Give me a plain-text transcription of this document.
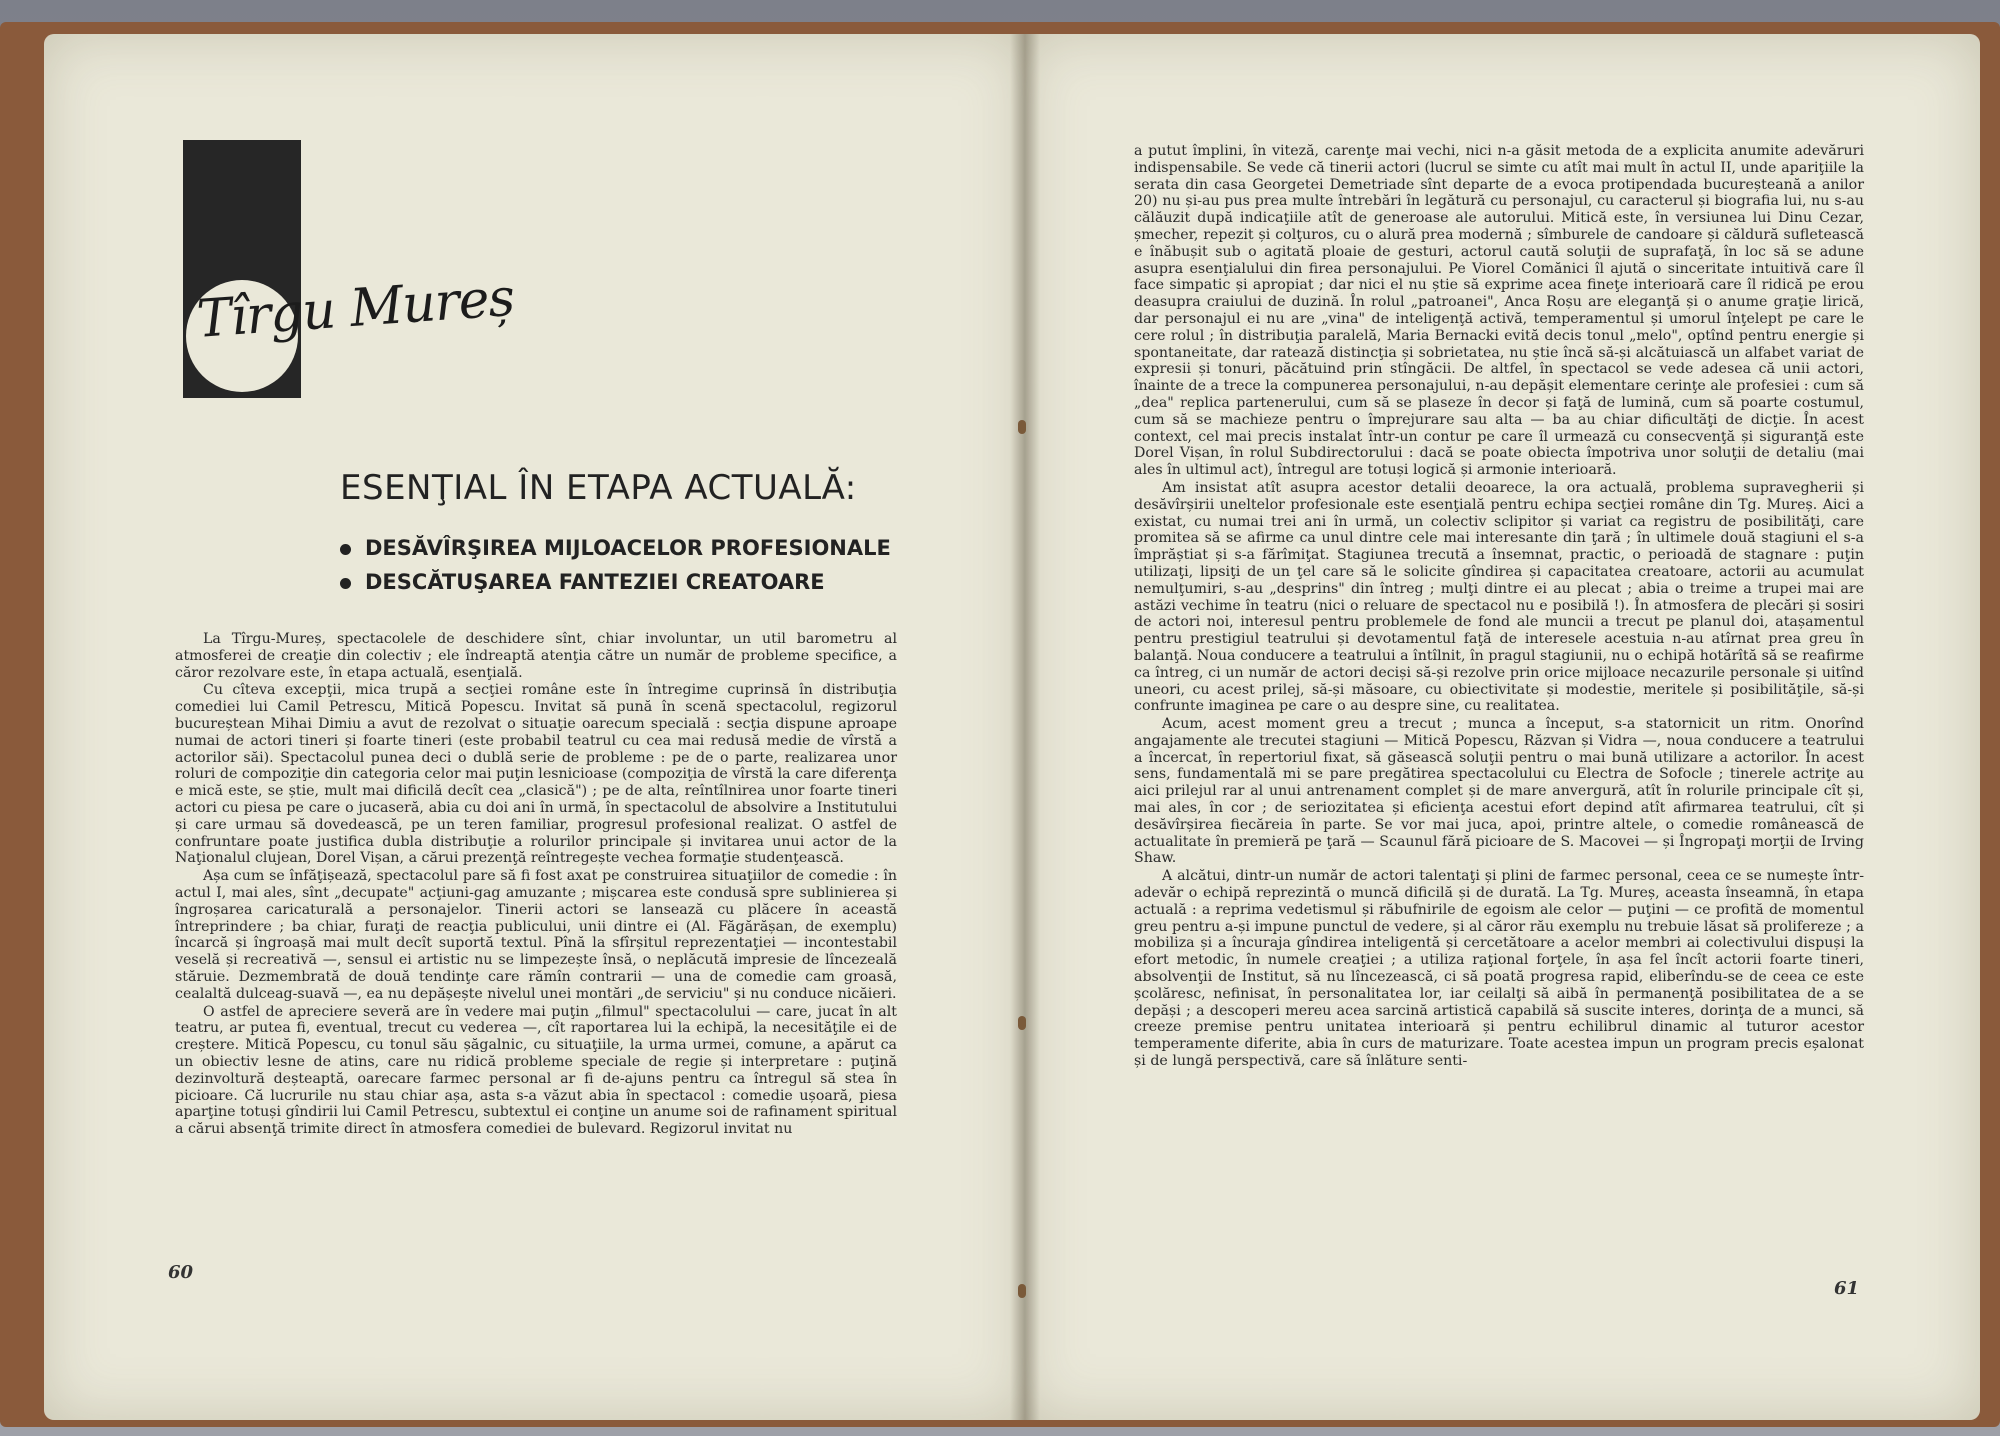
Tîrgu Mureș
ESENŢIAL ÎN ETAPA ACTUALĂ:
DESĂVÎRŞIREA MIJLOACELOR PROFESIONALE
DESCĂTUŞAREA FANTEZIEI CREATOARE

La Tîrgu-Mureș, spectacolele de deschidere sînt, chiar involuntar, un util barometru al atmosferei de creaţie din colectiv ; ele îndreaptă atenţia către un număr de probleme specifice, a căror rezolvare este, în etapa actuală, esenţială.

Cu cîteva excepţii, mica trupă a secţiei române este în întregime cuprinsă în distribuţia comediei lui Camil Petrescu, Mitică Popescu. Invitat să pună în scenă spectacolul, regizorul bucureștean Mihai Dimiu a avut de rezolvat o situaţie oarecum specială : secţia dispune aproape numai de actori tineri și foarte tineri (este probabil teatrul cu cea mai redusă medie de vîrstă a actorilor săi). Spectacolul punea deci o dublă serie de probleme : pe de o parte, realizarea unor roluri de compoziţie din categoria celor mai puţin lesnicioase (compoziţia de vîrstă la care diferenţa e mică este, se știe, mult mai dificilă decît cea „clasică") ; pe de alta, reîntîlnirea unor foarte tineri actori cu piesa pe care o jucaseră, abia cu doi ani în urmă, în spectacolul de absolvire a Institutului și care urmau să dovedească, pe un teren familiar, progresul profesional realizat. O astfel de confruntare poate justifica dubla distribuţie a rolurilor principale și invitarea unui actor de la Naţionalul clujean, Dorel Vișan, a cărui prezenţă reîntregește vechea formaţie studenţească.

Așa cum se înfăţișează, spectacolul pare să fi fost axat pe construirea situaţiilor de comedie : în actul I, mai ales, sînt „decupate" acţiuni-gag amuzante ; mișcarea este condusă spre sublinierea și îngroșarea caricaturală a personajelor. Tinerii actori se lansează cu plăcere în această întreprindere ; ba chiar, furaţi de reacţia publicului, unii dintre ei (Al. Făgărășan, de exemplu) încarcă și îngroașă mai mult decît suportă textul. Pînă la sfîrșitul reprezentaţiei — incontestabil veselă și recreativă —, sensul ei artistic nu se limpezește însă, o neplăcută impresie de lîncezeală stăruie. Dezmembrată de două tendinţe care rămîn contrarii — una de comedie cam groasă, cealaltă dulceag-suavă —, ea nu depășește nivelul unei montări „de serviciu" și nu conduce nicăieri.

O astfel de apreciere severă are în vedere mai puţin „filmul" spectacolului — care, jucat în alt teatru, ar putea fi, eventual, trecut cu vederea —, cît raportarea lui la echipă, la necesităţile ei de creștere. Mitică Popescu, cu tonul său șăgalnic, cu situaţiile, la urma urmei, comune, a apărut ca un obiectiv lesne de atins, care nu ridică probleme speciale de regie și interpretare : puţină dezinvoltură deșteaptă, oarecare farmec personal ar fi de-ajuns pentru ca întregul să stea în picioare. Că lucrurile nu stau chiar așa, asta s-a văzut abia în spectacol : comedie ușoară, piesa aparţine totuși gîndirii lui Camil Petrescu, subtextul ei conţine un anume soi de rafinament spiritual a cărui absenţă trimite direct în atmosfera comediei de bulevard. Regizorul invitat nu

a putut împlini, în viteză, carenţe mai vechi, nici n-a găsit metoda de a explicita anumite adevăruri indispensabile. Se vede că tinerii actori (lucrul se simte cu atît mai mult în actul II, unde apariţiile la serata din casa Georgetei Demetriade sînt departe de a evoca protipendada bucureșteană a anilor 20) nu și-au pus prea multe întrebări în legătură cu personajul, cu caracterul și biografia lui, nu s-au călăuzit după indicaţiile atît de generoase ale autorului. Mitică este, în versiunea lui Dinu Cezar, șmecher, repezit și colţuros, cu o alură prea modernă ; sîmburele de candoare și căldură sufletească e înăbușit sub o agitată ploaie de gesturi, actorul caută soluţii de suprafaţă, în loc să se adune asupra esenţialului din firea personajului. Pe Viorel Comănici îl ajută o sinceritate intuitivă care îl face simpatic și apropiat ; dar nici el nu știe să exprime acea fineţe interioară care îl ridică pe erou deasupra craiului de duzină. În rolul „patroanei", Anca Roșu are eleganţă și o anume graţie lirică, dar personajul ei nu are „vina" de inteligenţă activă, temperamentul și umorul înţelept pe care le cere rolul ; în distribuţia paralelă, Maria Bernacki evită decis tonul „melo", optînd pentru energie și spontaneitate, dar ratează distincţia și sobrietatea, nu știe încă să-și alcătuiască un alfabet variat de expresii și tonuri, păcătuind prin stîngăcii. De altfel, în spectacol se vede adesea că unii actori, înainte de a trece la compunerea personajului, n-au depășit elementare cerinţe ale profesiei : cum să „dea" replica partenerului, cum să se plaseze în decor și faţă de lumină, cum să poarte costumul, cum să se machieze pentru o împrejurare sau alta — ba au chiar dificultăţi de dicţie. În acest context, cel mai precis instalat într-un contur pe care îl urmează cu consecvenţă și siguranţă este Dorel Vișan, în rolul Subdirectorului : dacă se poate obiecta împotriva unor soluţii de detaliu (mai ales în ultimul act), întregul are totuși logică și armonie interioară.

Am insistat atît asupra acestor detalii deoarece, la ora actuală, problema supravegherii și desăvîrșirii uneltelor profesionale este esenţială pentru echipa secţiei române din Tg. Mureș. Aici a existat, cu numai trei ani în urmă, un colectiv sclipitor și variat ca registru de posibilităţi, care promitea să se afirme ca unul dintre cele mai interesante din ţară ; în ultimele două stagiuni el s-a împrăștiat și s-a fărîmiţat. Stagiunea trecută a însemnat, practic, o perioadă de stagnare : puţin utilizaţi, lipsiţi de un ţel care să le solicite gîndirea și capacitatea creatoare, actorii au acumulat nemulţumiri, s-au „desprins" din întreg ; mulţi dintre ei au plecat ; abia o treime a trupei mai are astăzi vechime în teatru (nici o reluare de spectacol nu e posibilă !). În atmosfera de plecări și sosiri de actori noi, interesul pentru problemele de fond ale muncii a trecut pe planul doi, atașamentul pentru prestigiul teatrului și devotamentul faţă de interesele acestuia n-au atîrnat prea greu în balanţă. Noua conducere a teatrului a întîlnit, în pragul stagiunii, nu o echipă hotărîtă să se reafirme ca întreg, ci un număr de actori deciși să-și rezolve prin orice mijloace necazurile personale și uitînd uneori, cu acest prilej, să-și măsoare, cu obiectivitate și modestie, meritele și posibilităţile, să-și confrunte imaginea pe care o au despre sine, cu realitatea.

Acum, acest moment greu a trecut ; munca a început, s-a statornicit un ritm. Onorînd angajamente ale trecutei stagiuni — Mitică Popescu, Răzvan și Vidra —, noua conducere a teatrului a încercat, în repertoriul fixat, să găsească soluţii pentru o mai bună utilizare a actorilor. În acest sens, fundamentală mi se pare pregătirea spectacolului cu Electra de Sofocle ; tinerele actriţe au aici prilejul rar al unui antrenament complet și de mare anvergură, atît în rolurile principale cît și, mai ales, în cor ; de seriozitatea și eficienţa acestui efort depind atît afirmarea teatrului, cît și desăvîrșirea fiecăreia în parte. Se vor mai juca, apoi, printre altele, o comedie românească de actualitate în premieră pe ţară — Scaunul fără picioare de S. Macovei — și Îngropaţi morţii de Irving Shaw.

A alcătui, dintr-un număr de actori talentaţi și plini de farmec personal, ceea ce se numește într-adevăr o echipă reprezintă o muncă dificilă și de durată. La Tg. Mureș, aceasta înseamnă, în etapa actuală : a reprima vedetismul și răbufnirile de egoism ale celor — puţini — ce profită de momentul greu pentru a-și impune punctul de vedere, și al căror rău exemplu nu trebuie lăsat să prolifereze ; a mobiliza și a încuraja gîndirea inteligentă și cercetătoare a acelor membri ai colectivului dispuși la efort metodic, în numele creaţiei ; a utiliza raţional forţele, în așa fel încît actorii foarte tineri, absolvenţii de Institut, să nu lîncezească, ci să poată progresa rapid, eliberîndu-se de ceea ce este școlăresc, nefinisat, în personalitatea lor, iar ceilalţi să aibă în permanenţă posibilitatea de a se depăși ; a descoperi mereu acea sarcină artistică capabilă să suscite interes, dorinţa de a munci, să creeze premise pentru unitatea interioară și pentru echilibrul dinamic al tuturor acestor temperamente diferite, abia în curs de maturizare. Toate acestea impun un program precis eșalonat și de lungă perspectivă, care să înlăture senti-

60
61
